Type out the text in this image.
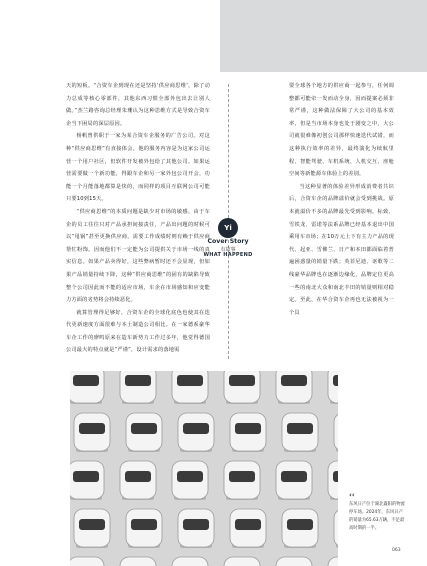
天的短板。“合资车企到现在还是坚持‘供应商思维’，除了动力总成等核心零部件，其他东西习惯全部外包出去让别人做。”杰兰路咨询总经理朱珊认为这种思维方式是导致合资车企当下困局的深层原因。

杨帆曾供职于一家为某合资车企服务的广告公司。对这种“供应商思维”有直接体会。他的服务内容是为这家公司运营一个用户社区，但软件开发被外包给了其他公司。如果运营需要做一个新功能，得跟车企和另一家外包公司开会，功能一个月能落地都算是快的，而同样的项目互联网公司可能只要10到15天。

“供应商思维”的本质问题是缺少对市场的敏感。由于车企的员工往往只对产品承担间接责任，产品出问题的时候可以“甩锅”甚至更换供应商，需要工作成绩时则有赖于供应商帮忙粉饰。因而他们不一定能为公司提供关于市场一线的真实信息。如果产品卖得好，这些弊病暂时还不会显现，但如果产品销量持续下降，这种“供应商思维”的固有的缺陷导致整个公司因此而不能的适应市场，车企在市场感知和应变能力方面的劣势将会持续恶化。

就算管理得足够好，合资车企的全球化底色也使其在迭代更新速度方面很难与本土制造公司相比。在一家德系豪华车企工作的廖鸣原来在造车新势力工作过多年，他觉得德国公司最大的特点就是“严谨”，设计需求的落地需

要全球各个地方的供应商一起参与，任何调整都可能牵一发而动全身，因而提案必须非常严谨，这种做法保障了大公司的基本效率，但是当市场本身也处于剧变之中，大公司就很难像初创公司那样快速迭代试错，而这种执行效率的差异，最终演化为续航里程、智能驾驶、车机系统、人机交互、座舱空间等新能源车体验上的差别。

当这种显著的体验差异形成消费者共识后，合资车企的品牌溢价就会受到挑战。原本就溢价不多的品牌最先受到影响。标致、雪铁龙、雷诺等法系品牌已经基本退出中国乘用车市场；在10万元上下有主力产品的现代、起亚、雪佛兰、日产和本田都面临着普遍困惑量的销量下跌；英菲尼迪、讴歌等二线豪华品牌也在逐渐边缘化，品牌定位更高一些的南北大众和南北丰田的销量则相对稳定。至此，在华合资车企再也无法被视为一个具

Yi
Cover Story
有故事
WHAT HAPPEND
‹‹
东风日产位于湖北襄阳的物流停车场。2024年，东风日产的销量为65.63万辆，不足最高时期的一半。
063
